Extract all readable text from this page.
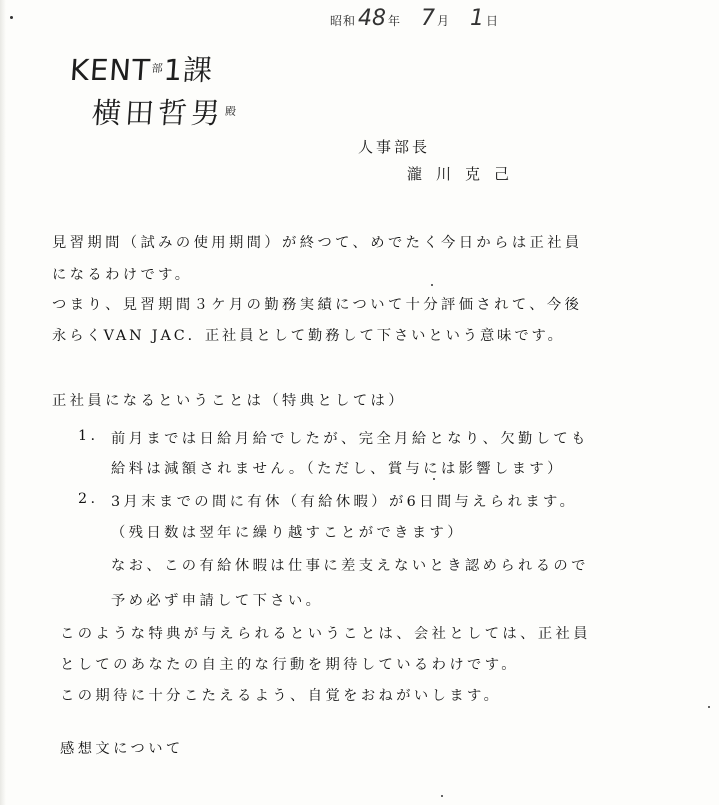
昭和48 年 7 月 1 日
$KENT^部1$課
横田哲男$^殿$
人事部長
瀧川克己
見習期間（試みの使用期間）が終つて、めでたく今日からは正社員
になるわけです。
つまり、見習期間３ケ月の勤務実績について十分評価されて、今後
永らくVAN JAC．正社員として勤務して下さいという意味です。
正社員になるということは（特典としては）
1. 前月までは日給月給でしたが、完全月給となり、欠勤しても
給料は減額されません。（ただし、賞与には影響します）
2. 3月末までの間に有休（有給休暇）が6日間与えられます。
（残日数は翌年に繰り越すことができます）
なお、この有給休暇は仕事に差支えないとき認められるので
予め必ず申請して下さい。
このような特典が与えられるということは、会社としては、正社員
としてのあなたの自主的な行動を期待しているわけです。
この期待に十分こたえるよう、自覚をおねがいします。
感想文について
